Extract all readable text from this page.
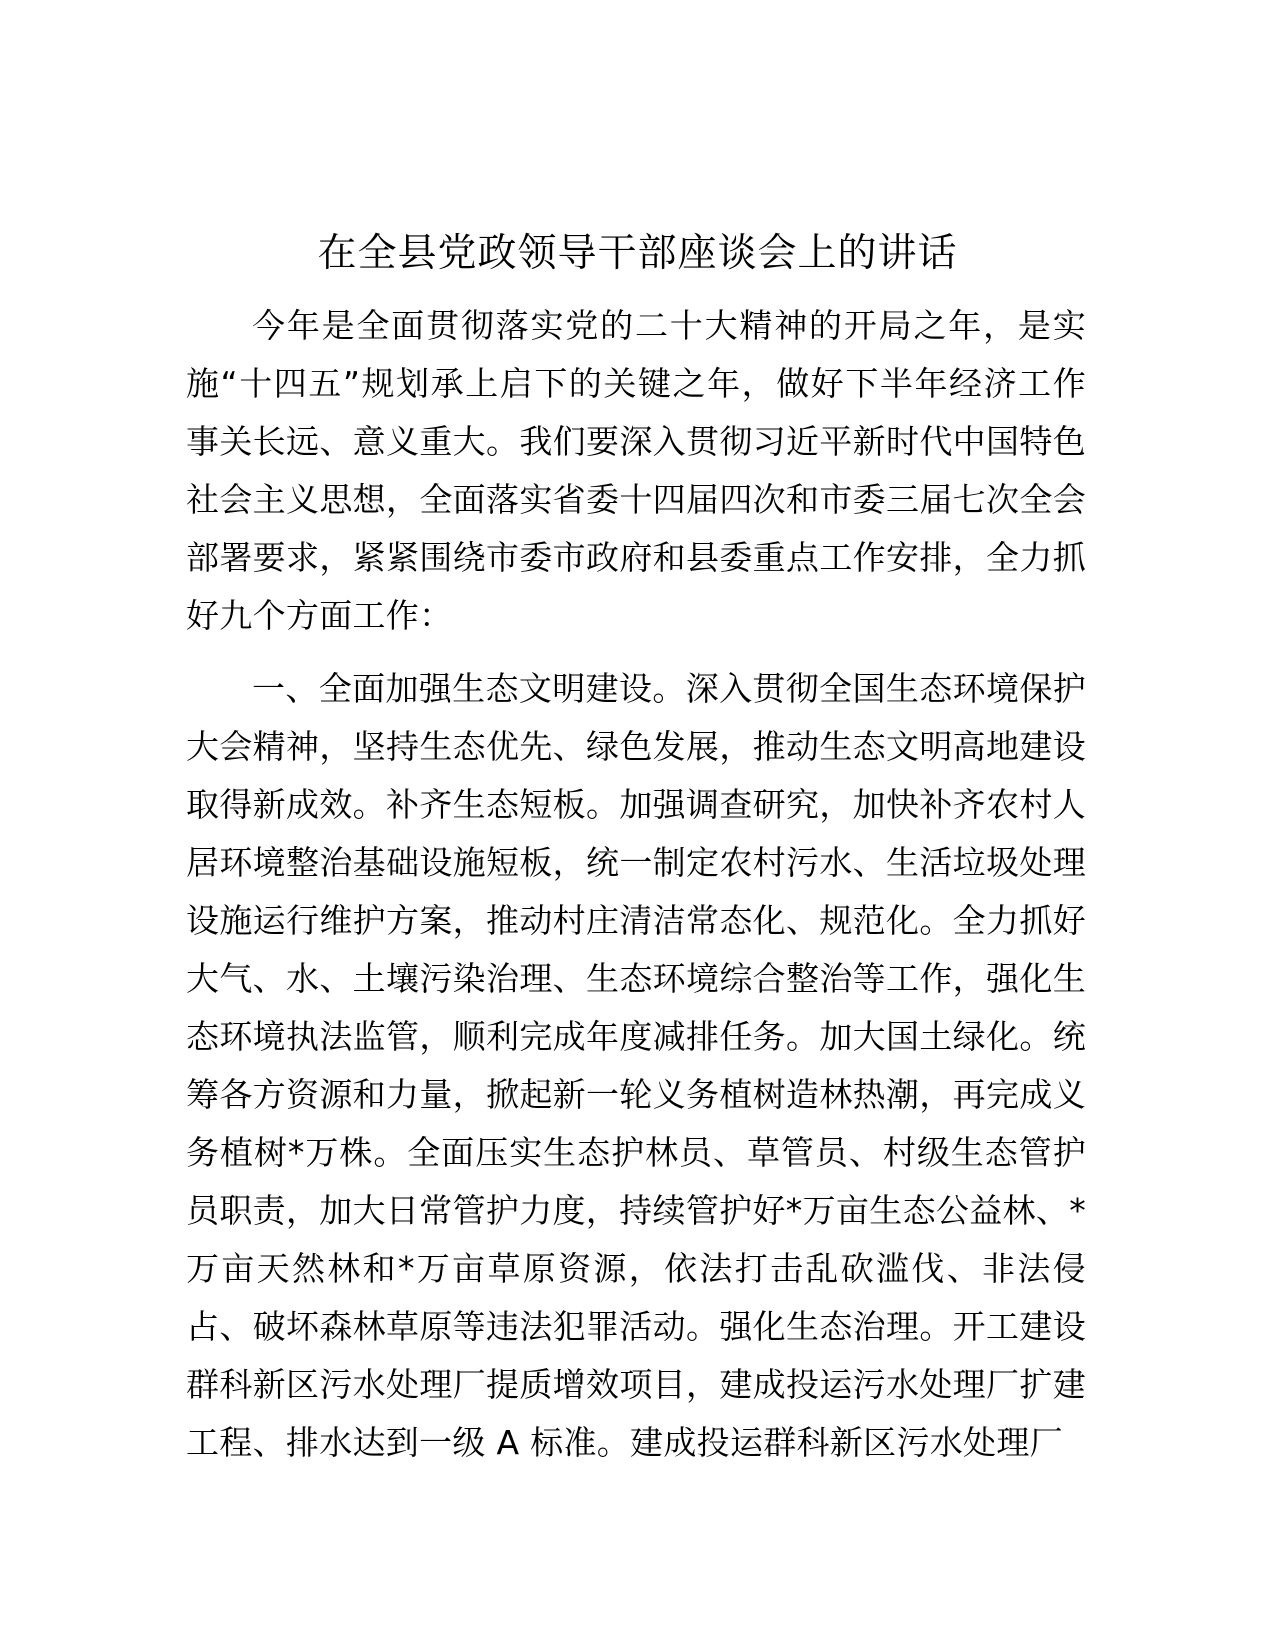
在全县党政领导干部座谈会上的讲话

今年是全面贯彻落实党的二十大精神的开局之年，是实施“十四五”规划承上启下的关键之年，做好下半年经济工作事关长远、意义重大。我们要深入贯彻习近平新时代中国特色社会主义思想，全面落实省委十四届四次和市委三届七次全会部署要求，紧紧围绕市委市政府和县委重点工作安排，全力抓好九个方面工作：

一、全面加强生态文明建设。深入贯彻全国生态环境保护大会精神，坚持生态优先、绿色发展，推动生态文明高地建设取得新成效。补齐生态短板。加强调查研究，加快补齐农村人居环境整治基础设施短板，统一制定农村污水、生活垃圾处理设施运行维护方案，推动村庄清洁常态化、规范化。全力抓好大气、水、土壤污染治理、生态环境综合整治等工作，强化生态环境执法监管，顺利完成年度减排任务。加大国土绿化。统筹各方资源和力量，掀起新一轮义务植树造林热潮，再完成义务植树*万株。全面压实生态护林员、草管员、村级生态管护员职责，加大日常管护力度，持续管护好*万亩生态公益林、*万亩天然林和*万亩草原资源，依法打击乱砍滥伐、非法侵占、破坏森林草原等违法犯罪活动。强化生态治理。开工建设群科新区污水处理厂提质增效项目，建成投运污水处理厂扩建工程、排水达到一级 A 标准。建成投运群科新区污水处理厂
